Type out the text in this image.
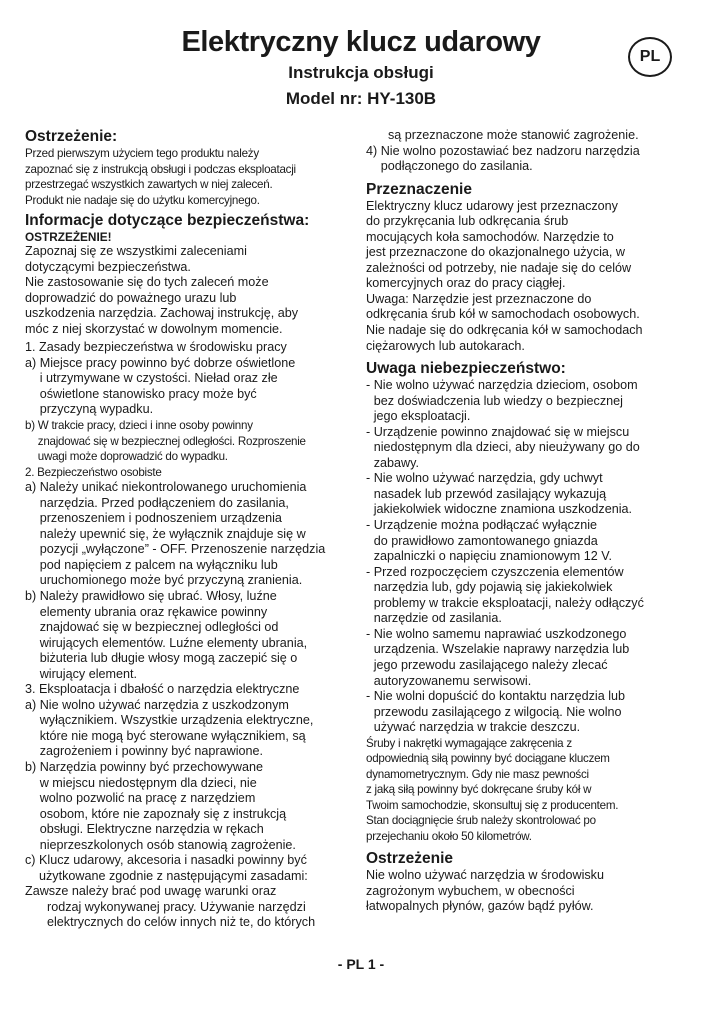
Elektryczny klucz udarowy
Instrukcja obsługi
Model nr: HY-130B
PL

Ostrzeżenie:

Przed pierwszym użyciem tego produktu należy
zapoznać się z instrukcją obsługi i podczas eksploatacji
przestrzegać wszystkich zawartych w niej zaleceń.
Produkt nie nadaje się do użytku komercyjnego.

Informacje dotyczące bezpieczeństwa:

OSTRZEŻENIE!

Zapoznaj się ze wszystkimi zaleceniami
dotyczącymi bezpieczeństwa.
Nie zastosowanie się do tych zaleceń może
doprowadzić do poważnego urazu lub
uszkodzenia narzędzia. Zachowaj instrukcję, aby
móc z niej skorzystać w dowolnym momencie.

1. Zasady bezpieczeństwa w środowisku pracy

a) Miejsce pracy powinno być dobrze oświetlone
i utrzymywane w czystości. Nieład oraz złe
oświetlone stanowisko pracy może być
przyczyną wypadku.
b) W trakcie pracy, dzieci i inne osoby powinny
znajdować się w bezpiecznej odległości. Rozproszenie
uwagi może doprowadzić do wypadku.

2. Bezpieczeństwo osobiste

a) Należy unikać niekontrolowanego uruchomienia
narzędzia. Przed podłączeniem do zasilania,
przenoszeniem i podnoszeniem urządzenia
należy upewnić się, że wyłącznik znajduje się w
pozycji „wyłączone” - OFF. Przenoszenie narzędzia
pod napięciem z palcem na wyłączniku lub
uruchomionego może być przyczyną zranienia.
b) Należy prawidłowo się ubrać. Włosy, luźne
elementy ubrania oraz rękawice powinny
znajdować się w bezpiecznej odległości od
wirujących elementów. Luźne elementy ubrania,
biżuteria lub długie włosy mogą zaczepić się o
wirujący element.

3. Eksploatacja i dbałość o narzędzia elektryczne

a) Nie wolno używać narzędzia z uszkodzonym
wyłącznikiem. Wszystkie urządzenia elektryczne,
które nie mogą być sterowane wyłącznikiem, są
zagrożeniem i powinny być naprawione.
b) Narzędzia powinny być przechowywane
w miejscu niedostępnym dla dzieci, nie
wolno pozwolić na pracę z narzędziem
osobom, które nie zapoznały się z instrukcją
obsługi. Elektryczne narzędzia w rękach
nieprzeszkolonych osób stanowią zagrożenie.
c) Klucz udarowy, akcesoria i nasadki powinny być
użytkowane zgodnie z następującymi zasadami:

Zawsze należy brać pod uwagę warunki oraz

rodzaj wykonywanej pracy. Używanie narzędzi
elektrycznych do celów innych niż te, do których

są przeznaczone może stanowić zagrożenie.

4) Nie wolno pozostawiać bez nadzoru narzędzia
podłączonego do zasilania.

Przeznaczenie

Elektryczny klucz udarowy jest przeznaczony
do przykręcania lub odkręcania śrub
mocujących koła samochodów. Narzędzie to
jest przeznaczone do okazjonalnego użycia, w
zależności od potrzeby, nie nadaje się do celów
komercyjnych oraz do pracy ciągłej.
Uwaga: Narzędzie jest przeznaczone do
odkręcania śrub kół w samochodach osobowych.
Nie nadaje się do odkręcania kół w samochodach
ciężarowych lub autokarach.

Uwaga niebezpieczeństwo:

- Nie wolno używać narzędzia dzieciom, osobom
bez doświadczenia lub wiedzy o bezpiecznej
jego eksploatacji.
- Urządzenie powinno znajdować się w miejscu
niedostępnym dla dzieci, aby nieużywany go do
zabawy.
- Nie wolno używać narzędzia, gdy uchwyt
nasadek lub przewód zasilający wykazują
jakiekolwiek widoczne znamiona uszkodzenia.
- Urządzenie można podłączać wyłącznie
do prawidłowo zamontowanego gniazda
zapalniczki o napięciu znamionowym 12 V.
- Przed rozpoczęciem czyszczenia elementów
narzędzia lub, gdy pojawią się jakiekolwiek
problemy w trakcie eksploatacji, należy odłączyć
narzędzie od zasilania.
- Nie wolno samemu naprawiać uszkodzonego
urządzenia. Wszelakie naprawy narzędzia lub
jego przewodu zasilającego należy zlecać
autoryzowanemu serwisowi.
- Nie wolni dopuścić do kontaktu narzędzia lub
przewodu zasilającego z wilgocią. Nie wolno
używać narzędzia w trakcie deszczu.

Śruby i nakrętki wymagające zakręcenia z
odpowiednią siłą powinny być dociągane kluczem
dynamometrycznym. Gdy nie masz pewności
z jaką siłą powinny być dokręcane śruby kół w
Twoim samochodzie, skonsultuj się z producentem.
Stan dociągnięcie śrub należy skontrolować po
przejechaniu około 50 kilometrów.

Ostrzeżenie

Nie wolno używać narzędzia w środowisku
zagrożonym wybuchem, w obecności
łatwopalnych płynów, gazów bądź pyłów.

- PL 1 -
